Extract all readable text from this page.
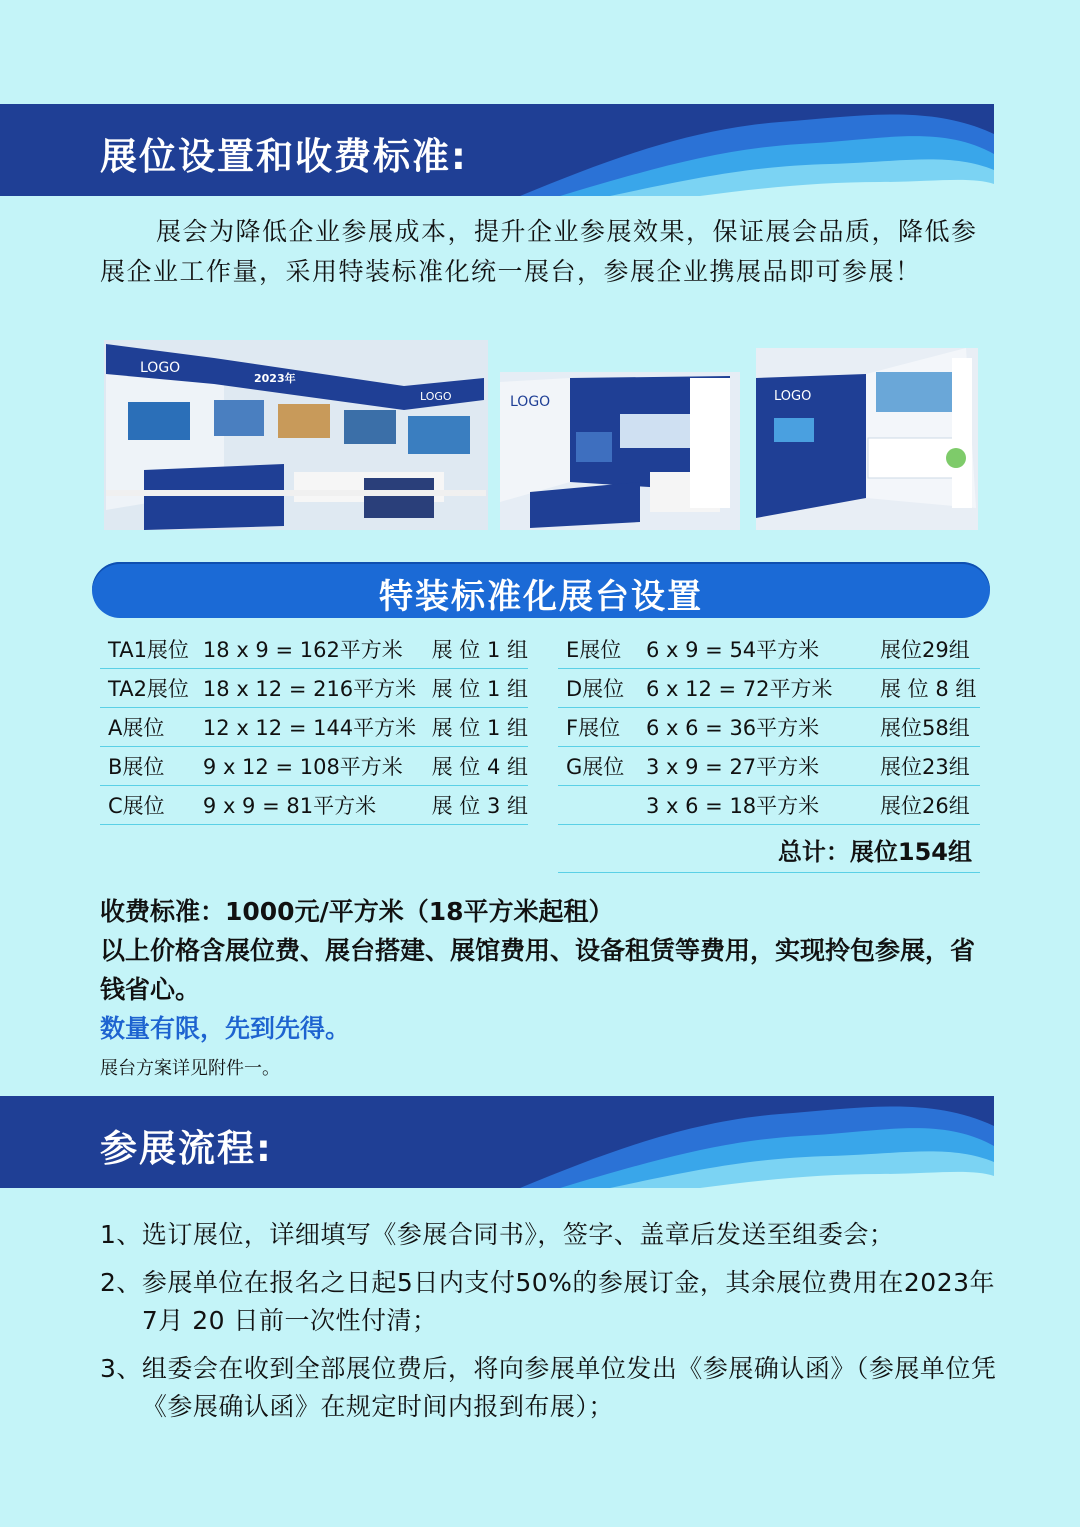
展位设置和收费标准:
展会为降低企业参展成本，提升企业参展效果，保证展会品质，降低参展企业工作量，采用特装标准化统一展台，参展企业携展品即可参展！
LOGO
LOGO
2023年
LOGO	LOGO
特装标准化展台设置
TA1展位	18 x 9 = 162平方米	展 位 1 组
TA2展位	18 x 12 = 216平方米	展 位 1 组
A展位	12 x 12 = 144平方米	展 位 1 组
B展位	9 x 12 = 108平方米	展 位 4 组
C展位	9 x 9 = 81平方米	展 位 3 组
E展位	6 x 9 = 54平方米	展位29组
D展位	6 x 12 = 72平方米	展 位 8 组
F展位	6 x 6 = 36平方米	展位58组
G展位	3 x 9 = 27平方米	展位23组
	3 x 6 = 18平方米	展位26组
总计：展位154组
收费标准：1000元/平方米（18平方米起租）
以上价格含展位费、展台搭建、展馆费用、设备租赁等费用，实现拎包参展，省钱省心。
数量有限，先到先得。
展台方案详见附件一。
参展流程:
1、 选订展位，详细填写《参展合同书》，签字、盖章后发送至组委会；
2、 参展单位在报名之日起5日内支付50%的参展订金，其余展位费用在2023年 7月 20 日前一次性付清；
3、 组委会在收到全部展位费后，将向参展单位发出《参展确认函》（参展单位凭《参展确认函》在规定时间内报到布展）；
